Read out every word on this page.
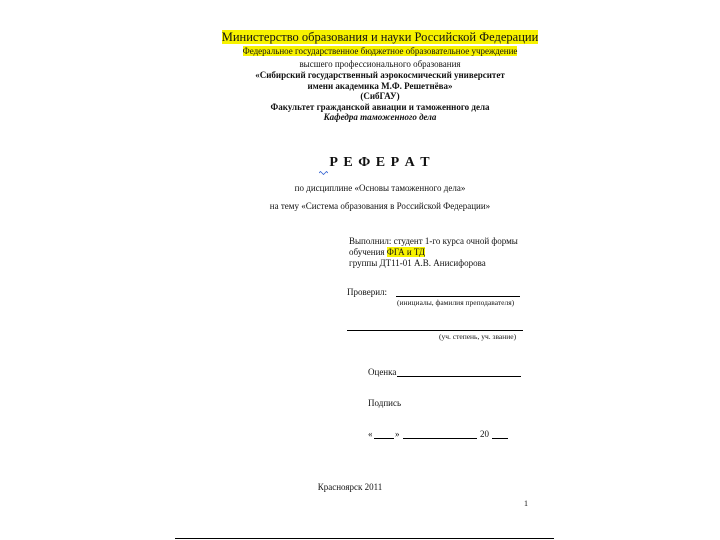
Министерство образования и науки Российской Федерации
Федеральное государственное бюджетное образовательное учреждение
высшего профессионального образования
«Сибирский государственный аэрокосмический университет
имени академика М.Ф. Решетнёва»
(СибГАУ)
Факультет гражданской авиации и таможенного дела
Кафедра таможенного дела
Р Е Ф Е Р А Т
по дисциплине «Основы таможенного дела»
на тему «Система образования в Российской Федерации»
Выполнил: студент 1-го курса очной формы
обучения ФГА и ТД
группы ДТ11-01 А.В. Анисифорова
Проверил:
(инициалы, фамилия преподавателя)
(уч. степень, уч. звание)
Оценка
Подпись
«	»	20
Красноярск 2011
1
